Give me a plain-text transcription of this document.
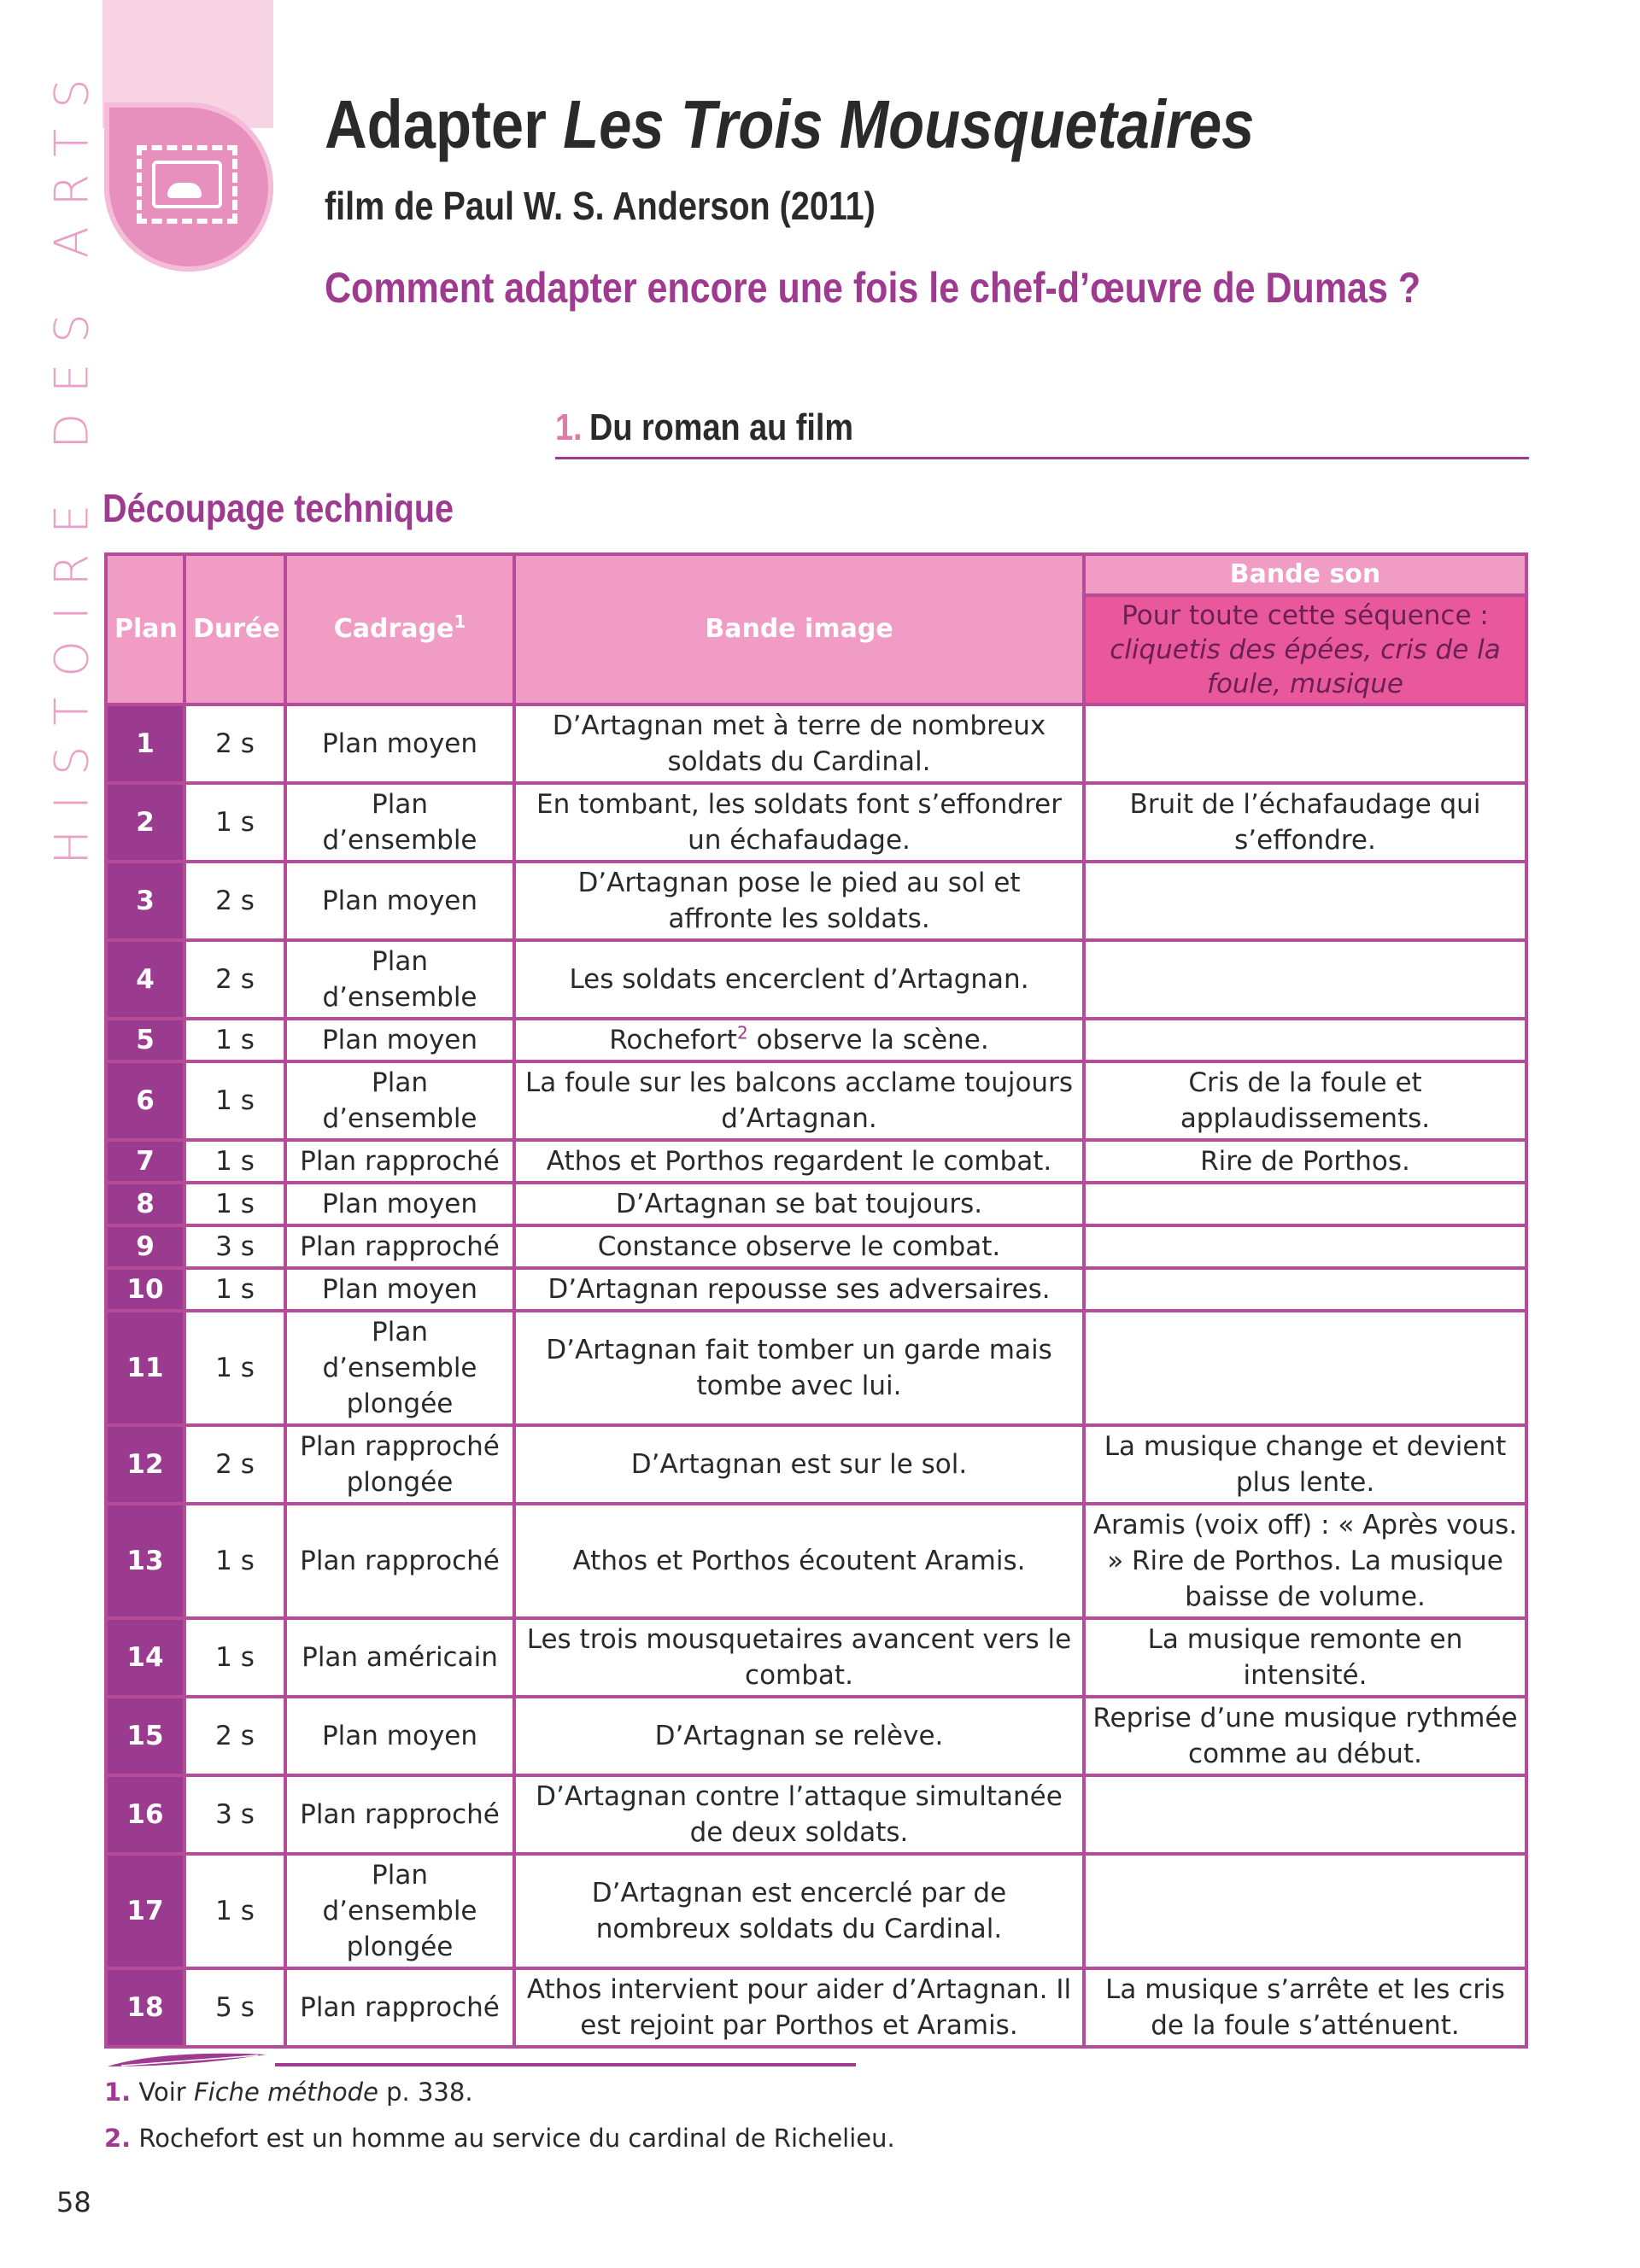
HISTOIRE DES ARTS	Adapter Les Trois Mousquetaires
film de Paul W. S. Anderson (2011)
Comment adapter encore une fois le chef-d’œuvre de Dumas ?
1. Du roman au film
Découpage technique
Plan	Durée	Cadrage$^1$	Bande image	Bande son
				Pour toute cette séquence : cliquetis des épées, cris de la foule, musique
1	2 s	Plan moyen	D’Artagnan met à terre de nombreux soldats du Cardinal.	
2	1 s	Plan d’ensemble	En tombant, les soldats font s’effondrer un échafaudage.	Bruit de l’échafaudage qui s’effondre.
3	2 s	Plan moyen	D’Artagnan pose le pied au sol et affronte les soldats.	
4	2 s	Plan d’ensemble	Les soldats encerclent d’Artagnan.	
5	1 s	Plan moyen	Rochefort$^2$ observe la scène.	
6	1 s	Plan d’ensemble	La foule sur les balcons acclame toujours d’Artagnan.	Cris de la foule et applaudissements.
7	1 s	Plan rapproché	Athos et Porthos regardent le combat.	Rire de Porthos.
8	1 s	Plan moyen	D’Artagnan se bat toujours.	
9	3 s	Plan rapproché	Constance observe le combat.	
10	1 s	Plan moyen	D’Artagnan repousse ses adversaires.	
11	1 s	Plan d’ensemble plongée	D’Artagnan fait tomber un garde mais tombe avec lui.	
12	2 s	Plan rapproché plongée	D’Artagnan est sur le sol.	La musique change et devient plus lente.
13	1 s	Plan rapproché	Athos et Porthos écoutent Aramis.	Aramis (voix off) : « Après vous. » Rire de Porthos. La musique baisse de volume.
14	1 s	Plan américain	Les trois mousquetaires avancent vers le combat.	La musique remonte en intensité.
15	2 s	Plan moyen	D’Artagnan se relève.	Reprise d’une musique rythmée comme au début.
16	3 s	Plan rapproché	D’Artagnan contre l’attaque simultanée de deux soldats.	
17	1 s	Plan d’ensemble plongée	D’Artagnan est encerclé par de nombreux soldats du Cardinal.	
18	5 s	Plan rapproché	Athos intervient pour aider d’Artagnan. Il est rejoint par Porthos et Aramis.	La musique s’arrête et les cris de la foule s’atténuent.

1. Voir Fiche méthode p. 338.

2. Rochefort est un homme au service du cardinal de Richelieu.

58
